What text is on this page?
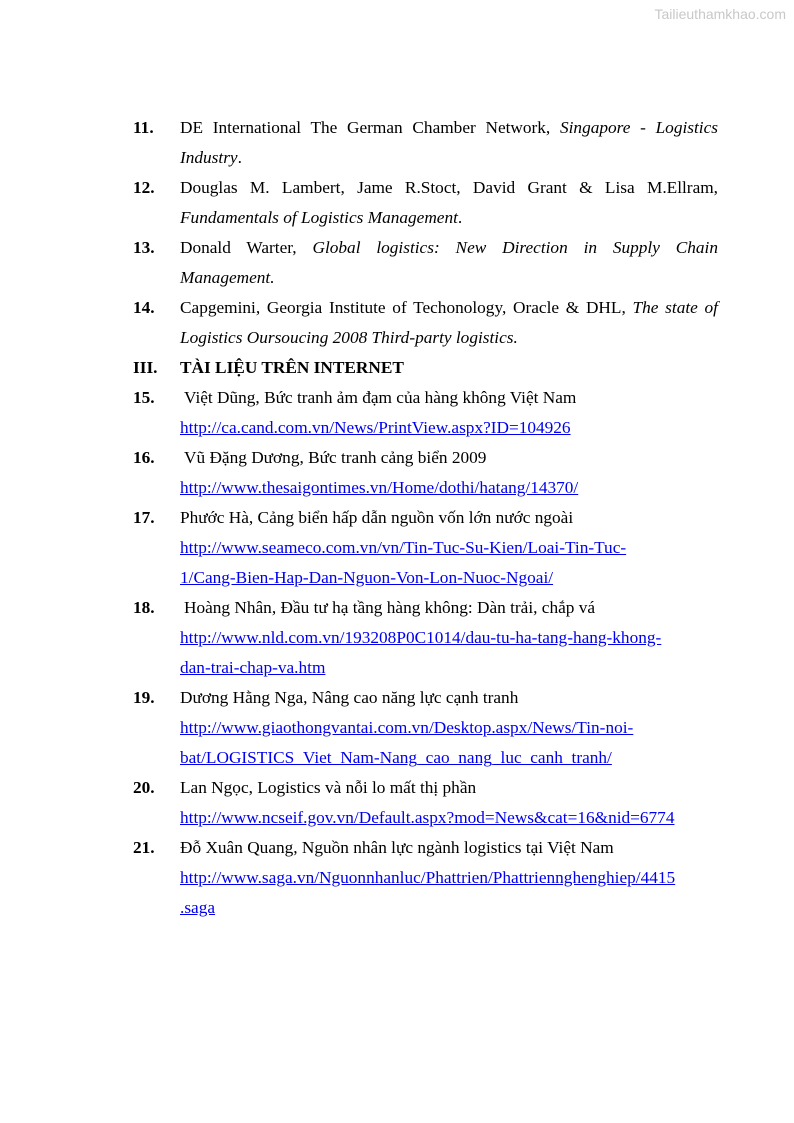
Tailieuthamkhao.com
11.	DE International The German Chamber Network, Singapore - Logistics Industry.
12.	Douglas M. Lambert, Jame R.Stoct, David Grant & Lisa M.Ellram, Fundamentals of Logistics Management.
13.	Donald Warter, Global logistics: New Direction in Supply Chain Management.
14.	Capgemini, Georgia Institute of Techonology, Oracle & DHL, The state of Logistics Oursoucing 2008 Third-party logistics.
III.	TÀI LIỆU TRÊN INTERNET
15.	Việt Dũng, Bức tranh ảm đạm của hàng không Việt Nam
http://ca.cand.com.vn/News/PrintView.aspx?ID=104926
16.	Vũ Đặng Dương, Bức tranh cảng biển 2009
http://www.thesaigontimes.vn/Home/dothi/hatang/14370/
17.	Phước Hà, Cảng biển hấp dẫn nguồn vốn lớn nước ngoài
http://www.seameco.com.vn/vn/Tin-Tuc-Su-Kien/Loai-Tin-Tuc-
1/Cang-Bien-Hap-Dan-Nguon-Von-Lon-Nuoc-Ngoai/
18.	Hoàng Nhân, Đầu tư hạ tầng hàng không: Dàn trải, chắp vá
http://www.nld.com.vn/193208P0C1014/dau-tu-ha-tang-hang-khong-
dan-trai-chap-va.htm
19.	Dương Hằng Nga, Nâng cao năng lực cạnh tranh
http://www.giaothongvantai.com.vn/Desktop.aspx/News/Tin-noi-
bat/LOGISTICS_Viet_Nam-Nang_cao_nang_luc_canh_tranh/
20.	Lan Ngọc, Logistics và nỗi lo mất thị phần
http://www.ncseif.gov.vn/Default.aspx?mod=News&cat=16&nid=6774
21.	Đỗ Xuân Quang, Nguồn nhân lực ngành logistics tại Việt Nam
http://www.saga.vn/Nguonnhanluc/Phattrien/Phattriennghenghiep/4415
.saga
